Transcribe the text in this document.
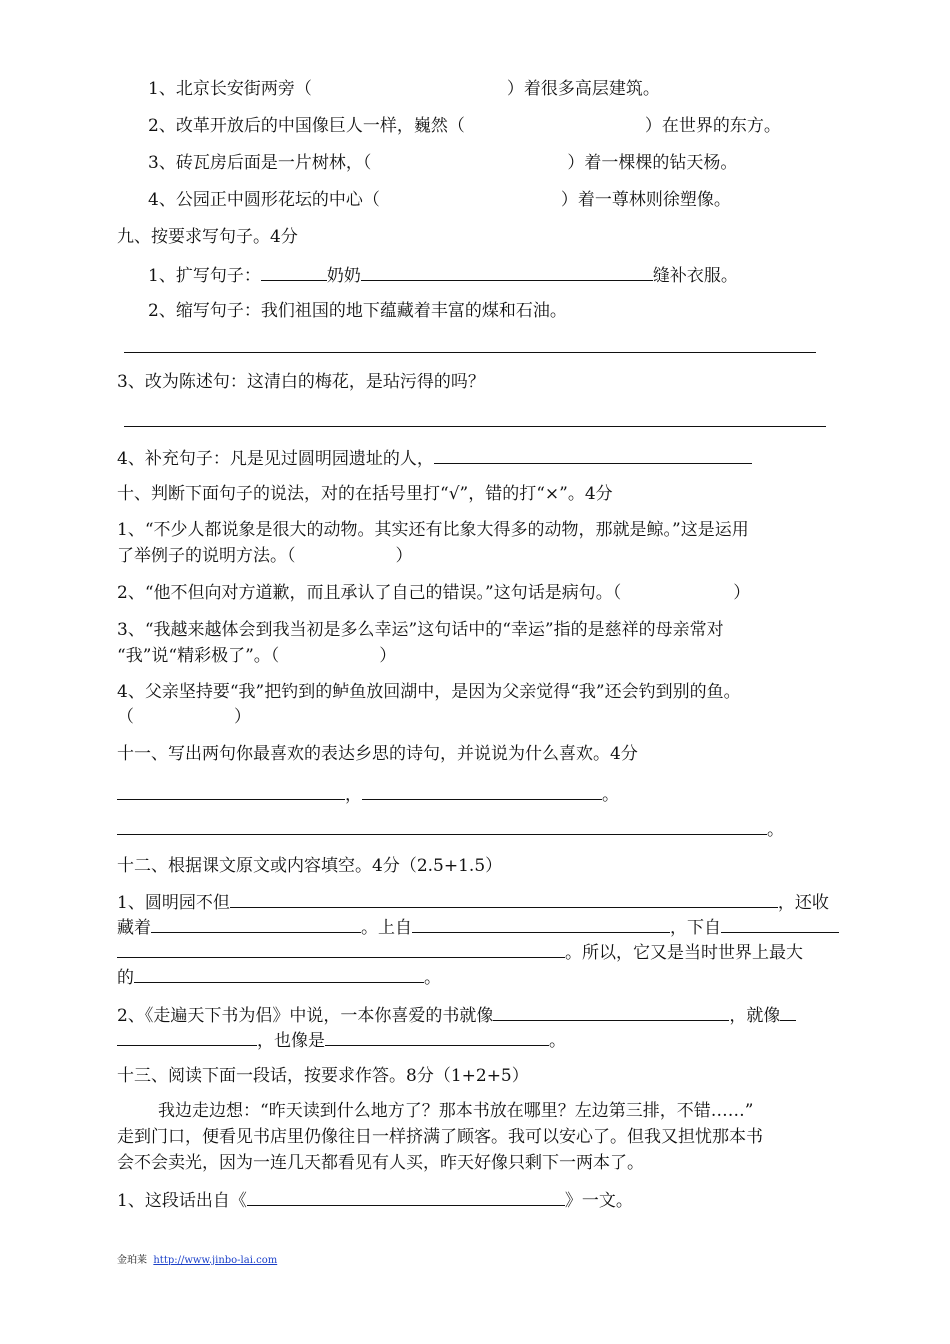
1、北京长安街两旁（	）着很多高层建筑。
2、改革开放后的中国像巨人一样，巍然（	）在世界的东方。
3、砖瓦房后面是一片树林，（	）着一棵棵的钻天杨。
4、公园正中圆形花坛的中心（	）着一尊林则徐塑像。
九、按要求写句子。4分
1、扩写句子：	奶奶	缝补衣服。
2、缩写句子：我们祖国的地下蕴藏着丰富的煤和石油。
3、改为陈述句：这清白的梅花，是玷污得的吗？
4、补充句子：凡是见过圆明园遗址的人，
十、判断下面句子的说法，对的在括号里打“√”，错的打“×”。4分
1、“不少人都说象是很大的动物。其实还有比象大得多的动物，那就是鲸。”这是运用
了举例子的说明方法。（	）
2、“他不但向对方道歉，而且承认了自己的错误。”这句话是病句。（	）
3、“我越来越体会到我当初是多么幸运”这句话中的“幸运”指的是慈祥的母亲常对
“我”说“精彩极了”。（	）
4、父亲坚持要“我”把钓到的鲈鱼放回湖中，是因为父亲觉得“我”还会钓到别的鱼。
（	）
十一、写出两句你最喜欢的表达乡思的诗句，并说说为什么喜欢。4分
，	。
。
十二、根据课文原文或内容填空。4分（2.5+1.5）
1、圆明园不但	，还收
藏着	。上自	，下自
。所以，它又是当时世界上最大
的	。
2、《走遍天下书为侣》中说，一本你喜爱的书就像	，就像
，也像是	。
十三、阅读下面一段话，按要求作答。8分（1+2+5）
我边走边想：“昨天读到什么地方了？那本书放在哪里？左边第三排，不错……”
走到门口，便看见书店里仍像往日一样挤满了顾客。我可以安心了。但我又担忧那本书
会不会卖光，因为一连几天都看见有人买，昨天好像只剩下一两本了。
1、这段话出自《	》一文。
金珀莱 http://www.jinbo-lai.com
